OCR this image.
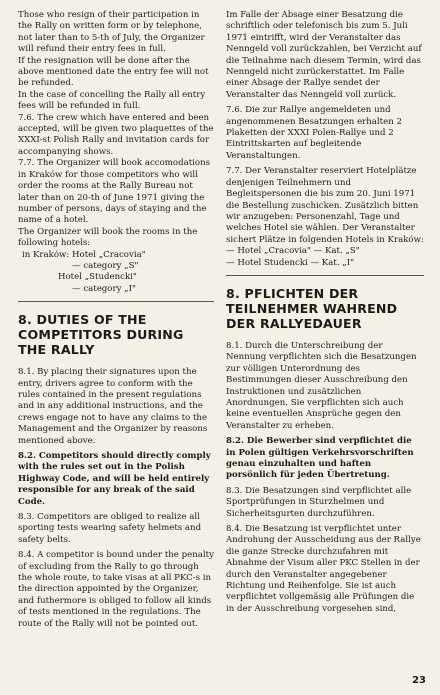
Those who resign of their participation in the Rally on written form or by telephone, not later than to 5-th of July, the Organizer will refund their entry fees in full.

If the resignation will be done after the above mentioned date the entry fee will not be refunded.

In the case of concelling the Rally all entry fees will be refunded in full.

7.6. The crew which have entered and been accepted, will be given two plaquettes of the XXXI-st Polish Rally and invitation cards for accompanying shows.

7.7. The Organizer will book accomodations in Kraków for those competitors who will order the rooms at the Rally Bureau not later than on 20-th of June 1971 giving the number of persons, days of staying and the name of a hotel.

The Organizer will book the rooms in the following hotels:

in Kraków: Hotel „Cracovia"

— category „S"

Hotel „Studencki"

— category „I"

8. DUTIES OF THE COMPETITORS DURING THE RALLY

8.1. By placing their signatures upon the entry, drivers agree to conform with the rules contained in the present regulations and in any additional instructions, and the crews engage not to have any claims to the Management and the Organizer by reasons mentioned above.

8.2. Competitors should directly comply with the rules set out in the Polish Highway Code, and will be held entirely responsible for any break of the said Code.

8.3. Competitors are obliged to realize all sporting tests wearing safety helmets and safety belts.

8.4. A competitor is bound under the penalty of excluding from the Rally to go through the whole route, to take visas at all PKC-s in the direction appointed by the Organizer, and futhermore is obliged to follow all kinds of tests mentioned in the regulations. The route of the Rally will not be pointed out.

Im Falle der Absage einer Besatzung die schriftlich oder telefonisch bis zum 5. Juli 1971 eintrifft, wird der Veranstalter das Nenngeld voll zurückzahlen, bei Verzicht auf die Teilnahme nach diesem Termin, wird das Nenngeld nicht zurückerstattet. Im Falle einer Absage der Rallye sendet der Veranstalter das Nenngeld voll zurück.

7.6. Die zur Rallye angemeldeten und angenommenen Besatzungen erhalten 2 Plaketten der XXXI Polen-Rallye und 2 Eintrittskarten auf begleitende Veranstaltungen.

7.7. Der Veranstalter reserviert Hotelplätze denjenigen Teilnehmern und Begleitspersonen die bis zum 20. Juni 1971 die Bestellung zuschicken. Zusätzlich bitten wir anzugeben: Personenzahl, Tage und welches Hotel sie wählen. Der Veranstalter sichert Plätze in folgenden Hotels in Kraków:

— Hotel „Cracovia" — Kat. „S"

— Hotel Studencki — Kat. „I"

8. PFLICHTEN DER TEILNEHMER WAHREND DER RALLYEDAUER

8.1. Durch die Unterschreibung der Nennung verpflichten sich die Besatzungen zur völligen Unterordnung des Bestimmungen dieser Ausschreibung den Instruktionen und zusätzlichen Anordnungen. Sie verpflichten sich auch keine eventuellen Ansprüche gegen den Veranstalter zu erheben.

8.2. Die Bewerber sind verpflichtet die in Polen gültigen Verkehrsvorschriften genau einzuhalten und haften porsönlich für jeden Übertretung.

8.3. Die Besatzungen sind verpflichtet alle Sportprüfungen in Sturzhelmen und Sicherheitsgurten durchzuführen.

8.4. Die Besatzung ist verpflichtet unter Androhung der Ausscheidung aus der Rallye die ganze Strecke durchzufahren mit Abnahme der Visum aller PKC Stellen in der durch den Veranstalter angegebener Richtung und Reihenfolge. Sie ist auch verpflichtet vollgemäsig alle Prüfungen die in der Ausschreibung vorgesehen sind,

23
